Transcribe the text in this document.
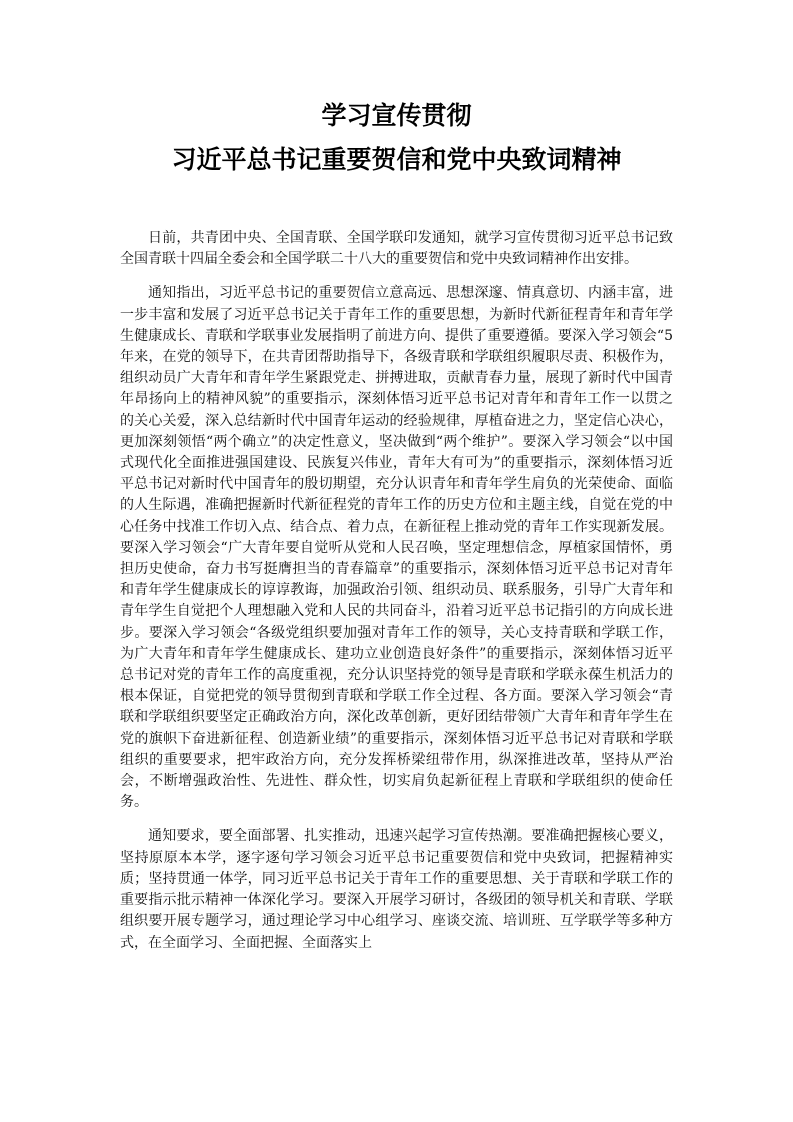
学习宣传贯彻
习近平总书记重要贺信和党中央致词精神

日前，共青团中央、全国青联、全国学联印发通知，就学习宣传贯彻习近平总书记致全国青联十四届全委会和全国学联二十八大的重要贺信和党中央致词精神作出安排。

通知指出，习近平总书记的重要贺信立意高远、思想深邃、情真意切、内涵丰富，进一步丰富和发展了习近平总书记关于青年工作的重要思想，为新时代新征程青年和青年学生健康成长、青联和学联事业发展指明了前进方向、提供了重要遵循。要深入学习领会“5年来，在党的领导下，在共青团帮助指导下，各级青联和学联组织履职尽责、积极作为，组织动员广大青年和青年学生紧跟党走、拼搏进取，贡献青春力量，展现了新时代中国青年昂扬向上的精神风貌”的重要指示，深刻体悟习近平总书记对青年和青年工作一以贯之的关心关爱，深入总结新时代中国青年运动的经验规律，厚植奋进之力，坚定信心决心，更加深刻领悟“两个确立”的决定性意义，坚决做到“两个维护”。要深入学习领会“以中国式现代化全面推进强国建设、民族复兴伟业，青年大有可为”的重要指示，深刻体悟习近平总书记对新时代中国青年的殷切期望，充分认识青年和青年学生肩负的光荣使命、面临的人生际遇，准确把握新时代新征程党的青年工作的历史方位和主题主线，自觉在党的中心任务中找准工作切入点、结合点、着力点，在新征程上推动党的青年工作实现新发展。要深入学习领会“广大青年要自觉听从党和人民召唤，坚定理想信念，厚植家国情怀，勇担历史使命，奋力书写挺膺担当的青春篇章”的重要指示，深刻体悟习近平总书记对青年和青年学生健康成长的谆谆教诲，加强政治引领、组织动员、联系服务，引导广大青年和青年学生自觉把个人理想融入党和人民的共同奋斗，沿着习近平总书记指引的方向成长进步。要深入学习领会“各级党组织要加强对青年工作的领导，关心支持青联和学联工作，为广大青年和青年学生健康成长、建功立业创造良好条件”的重要指示，深刻体悟习近平总书记对党的青年工作的高度重视，充分认识坚持党的领导是青联和学联永葆生机活力的根本保证，自觉把党的领导贯彻到青联和学联工作全过程、各方面。要深入学习领会“青联和学联组织要坚定正确政治方向，深化改革创新，更好团结带领广大青年和青年学生在党的旗帜下奋进新征程、创造新业绩”的重要指示，深刻体悟习近平总书记对青联和学联组织的重要要求，把牢政治方向，充分发挥桥梁纽带作用，纵深推进改革，坚持从严治会，不断增强政治性、先进性、群众性，切实肩负起新征程上青联和学联组织的使命任务。

通知要求，要全面部署、扎实推动，迅速兴起学习宣传热潮。要准确把握核心要义，坚持原原本本学，逐字逐句学习领会习近平总书记重要贺信和党中央致词，把握精神实质；坚持贯通一体学，同习近平总书记关于青年工作的重要思想、关于青联和学联工作的重要指示批示精神一体深化学习。要深入开展学习研讨，各级团的领导机关和青联、学联组织要开展专题学习，通过理论学习中心组学习、座谈交流、培训班、互学联学等多种方式，在全面学习、全面把握、全面落实上
